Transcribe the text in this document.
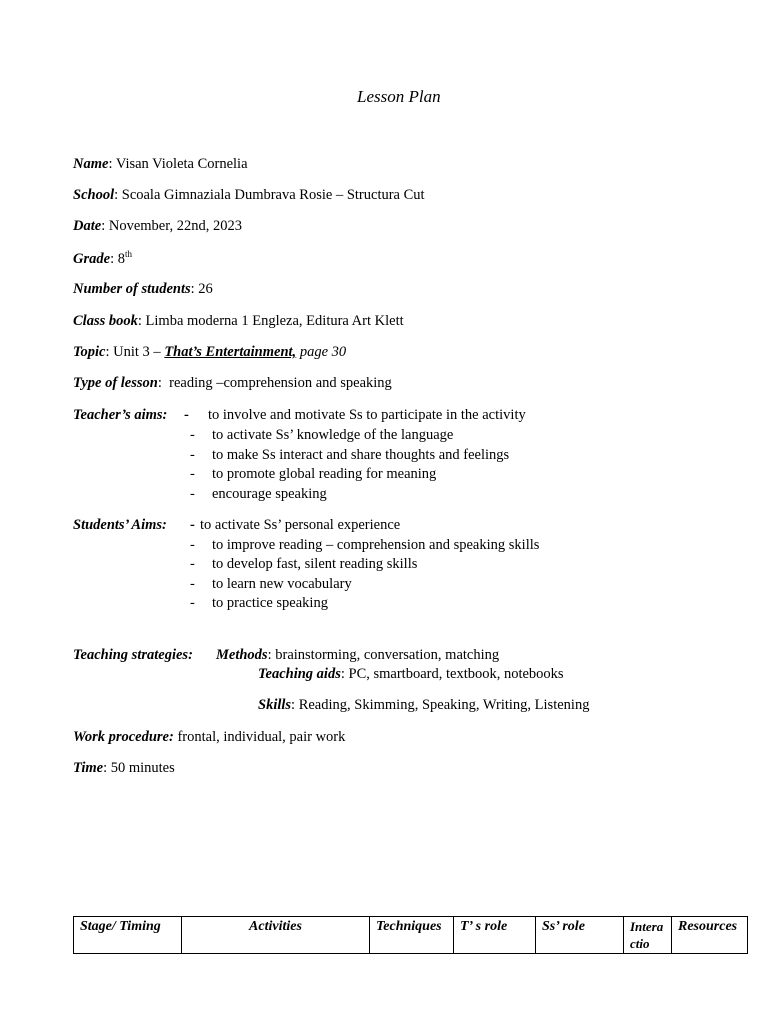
Lesson Plan
Name: Visan Violeta Cornelia
School: Scoala Gimnaziala Dumbrava Rosie – Structura Cut
Date: November, 22nd, 2023
Grade: 8th
Number of students: 26
Class book: Limba moderna 1 Engleza, Editura Art Klett
Topic: Unit 3 – That’s Entertainment, page 30
Type of lesson:  reading –comprehension and speaking
Teacher’s aims: - to involve and motivate Ss to participate in the activity
- to activate Ss’ knowledge of the language
- to make Ss interact and share thoughts and feelings
- to promote global reading for meaning
- encourage speaking
Students’ Aims: - to activate Ss’ personal experience
- to improve reading – comprehension and speaking skills
- to develop fast, silent reading skills
- to learn new vocabulary
- to practice speaking
Teaching strategies: Methods: brainstorming, conversation, matching
Teaching aids: PC, smartboard, textbook, notebooks
Skills: Reading, Skimming, Speaking, Writing, Listening
Work procedure: frontal, individual, pair work
Time: 50 minutes
Stage/ Timing	Activities	Techniques	T’ s role	Ss’ role	Interactio	Resources
